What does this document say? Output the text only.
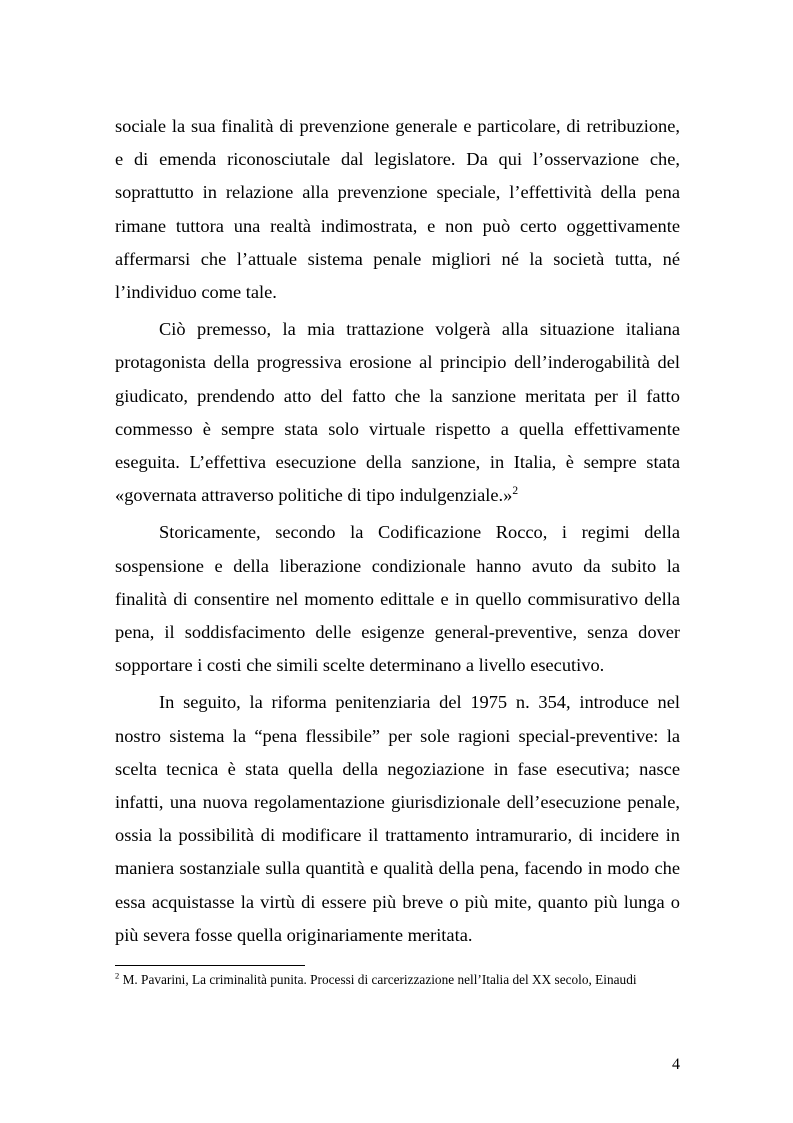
sociale la sua finalità di prevenzione generale e particolare, di retribuzione, e di emenda riconosciutale dal legislatore. Da qui l’osservazione che, soprattutto in relazione alla prevenzione speciale, l’effettività della pena rimane tuttora una realtà indimostrata, e non può certo oggettivamente affermarsi che l’attuale sistema penale migliori né la società tutta, né l’individuo come tale.

Ciò premesso, la mia trattazione volgerà alla situazione italiana protagonista della progressiva erosione al principio dell’inderogabilità del giudicato, prendendo atto del fatto che la sanzione meritata per il fatto commesso è sempre stata solo virtuale rispetto a quella effettivamente eseguita. L’effettiva esecuzione della sanzione, in Italia, è sempre stata «governata attraverso politiche di tipo indulgenziale.»$^2$

Storicamente, secondo la Codificazione Rocco, i regimi della sospensione e della liberazione condizionale hanno avuto da subito la finalità di consentire nel momento edittale e in quello commisurativo della pena, il soddisfacimento delle esigenze general-preventive, senza dover sopportare i costi che simili scelte determinano a livello esecutivo.

In seguito, la riforma penitenziaria del 1975 n. 354, introduce nel nostro sistema la “pena flessibile” per sole ragioni special-preventive: la scelta tecnica è stata quella della negoziazione in fase esecutiva; nasce infatti, una nuova regolamentazione giurisdizionale dell’esecuzione penale, ossia la possibilità di modificare il trattamento intramurario, di incidere in maniera sostanziale sulla quantità e qualità della pena, facendo in modo che essa acquistasse la virtù di essere più breve o più mite, quanto più lunga o più severa fosse quella originariamente meritata.

$^2$ M. Pavarini, La criminalità punita. Processi di carcerizzazione nell’Italia del XX secolo, Einaudi
4
